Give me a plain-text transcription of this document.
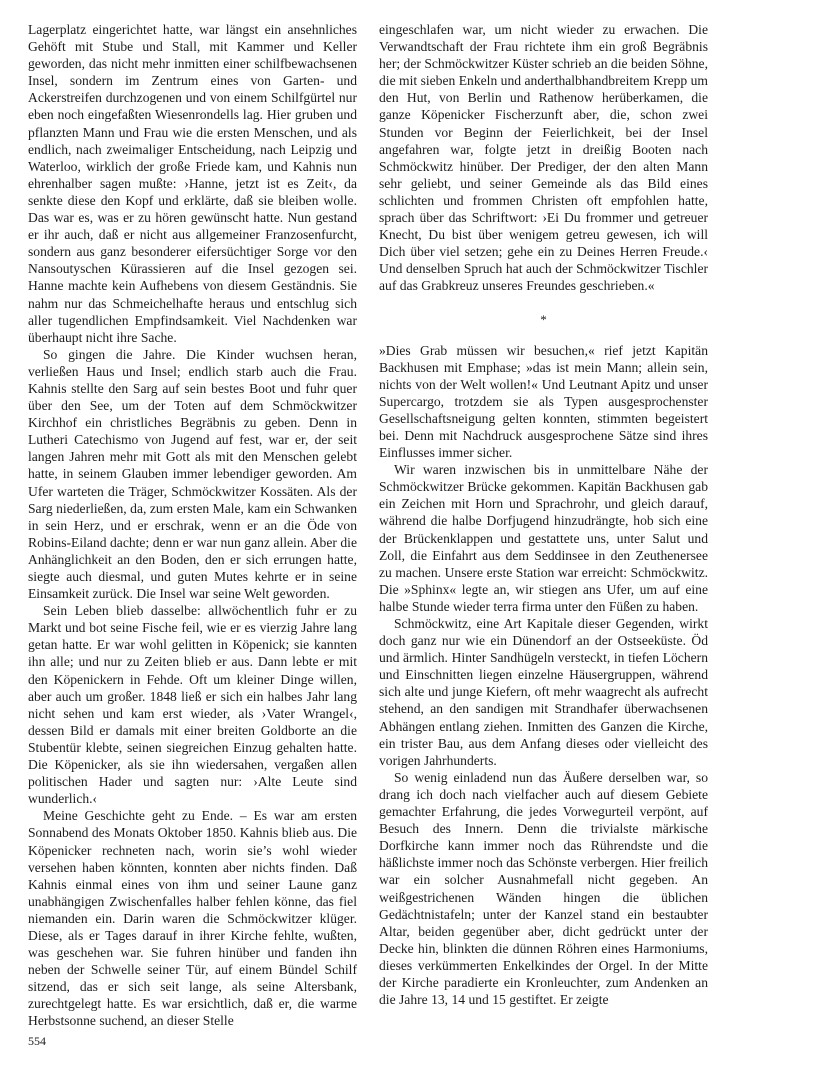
Lagerplatz eingerichtet hatte, war längst ein ansehnliches Gehöft mit Stube und Stall, mit Kammer und Keller geworden, das nicht mehr inmitten einer schilfbewachsenen Insel, sondern im Zentrum eines von Garten- und Ackerstreifen durchzogenen und von einem Schilfgürtel nur eben noch eingefaßten Wiesenrondells lag. Hier gruben und pflanzten Mann und Frau wie die ersten Menschen, und als endlich, nach zweimaliger Entscheidung, nach Leipzig und Waterloo, wirklich der große Friede kam, und Kahnis nun ehrenhalber sagen mußte: ›Hanne, jetzt ist es Zeit‹, da senkte diese den Kopf und erklärte, daß sie bleiben wolle. Das war es, was er zu hören gewünscht hatte. Nun gestand er ihr auch, daß er nicht aus allgemeiner Franzosenfurcht, sondern aus ganz besonderer eifersüchtiger Sorge vor den Nansoutyschen Kürassieren auf die Insel gezogen sei. Hanne machte kein Aufhebens von diesem Geständnis. Sie nahm nur das Schmeichelhafte heraus und entschlug sich aller tugendlichen Empfindsamkeit. Viel Nachdenken war überhaupt nicht ihre Sache.

So gingen die Jahre. Die Kinder wuchsen heran, verließen Haus und Insel; endlich starb auch die Frau. Kahnis stellte den Sarg auf sein bestes Boot und fuhr quer über den See, um der Toten auf dem Schmöckwitzer Kirchhof ein christliches Begräbnis zu geben. Denn in Lutheri Catechismo von Jugend auf fest, war er, der seit langen Jahren mehr mit Gott als mit den Menschen gelebt hatte, in seinem Glauben immer lebendiger geworden. Am Ufer warteten die Träger, Schmöckwitzer Kossäten. Als der Sarg niederließen, da, zum ersten Male, kam ein Schwanken in sein Herz, und er erschrak, wenn er an die Öde von Robins-Eiland dachte; denn er war nun ganz allein. Aber die Anhänglichkeit an den Boden, den er sich errungen hatte, siegte auch diesmal, und guten Mutes kehrte er in seine Einsamkeit zurück. Die Insel war seine Welt geworden.

Sein Leben blieb dasselbe: allwöchentlich fuhr er zu Markt und bot seine Fische feil, wie er es vierzig Jahre lang getan hatte. Er war wohl gelitten in Köpenick; sie kannten ihn alle; und nur zu Zeiten blieb er aus. Dann lebte er mit den Köpenickern in Fehde. Oft um kleiner Dinge willen, aber auch um großer. 1848 ließ er sich ein halbes Jahr lang nicht sehen und kam erst wieder, als ›Vater Wrangel‹, dessen Bild er damals mit einer breiten Goldborte an die Stubentür klebte, seinen siegreichen Einzug gehalten hatte. Die Köpenicker, als sie ihn wiedersahen, vergaßen allen politischen Hader und sagten nur: ›Alte Leute sind wunderlich.‹

Meine Geschichte geht zu Ende. – Es war am ersten Sonnabend des Monats Oktober 1850. Kahnis blieb aus. Die Köpenicker rechneten nach, worin sie’s wohl wieder versehen haben könnten, konnten aber nichts finden. Daß Kahnis einmal eines von ihm und seiner Laune ganz unabhängigen Zwischenfalles halber fehlen könne, das fiel niemanden ein. Darin waren die Schmöckwitzer klüger. Diese, als er Tages darauf in ihrer Kirche fehlte, wußten, was geschehen war. Sie fuhren hinüber und fanden ihn neben der Schwelle seiner Tür, auf einem Bündel Schilf sitzend, das er sich seit lange, als seine Altersbank, zurechtgelegt hatte. Es war ersichtlich, daß er, die warme Herbstsonne suchend, an dieser Stelle

eingeschlafen war, um nicht wieder zu erwachen. Die Verwandtschaft der Frau richtete ihm ein groß Begräbnis her; der Schmöckwitzer Küster schrieb an die beiden Söhne, die mit sieben Enkeln und anderthalbhandbreitem Krepp um den Hut, von Berlin und Rathenow herüberkamen, die ganze Köpenicker Fischerzunft aber, die, schon zwei Stunden vor Beginn der Feierlichkeit, bei der Insel angefahren war, folgte jetzt in dreißig Booten nach Schmöckwitz hinüber. Der Prediger, der den alten Mann sehr geliebt, und seiner Gemeinde als das Bild eines schlichten und frommen Christen oft empfohlen hatte, sprach über das Schriftwort: ›Ei Du frommer und getreuer Knecht, Du bist über wenigem getreu gewesen, ich will Dich über viel setzen; gehe ein zu Deines Herren Freude.‹ Und denselben Spruch hat auch der Schmöckwitzer Tischler auf das Grabkreuz unseres Freundes geschrieben.«

*

»Dies Grab müssen wir besuchen,« rief jetzt Kapitän Backhusen mit Emphase; »das ist mein Mann; allein sein, nichts von der Welt wollen!« Und Leutnant Apitz und unser Supercargo, trotzdem sie als Typen ausgesprochenster Gesellschaftsneigung gelten konnten, stimmten begeistert bei. Denn mit Nachdruck ausgesprochene Sätze sind ihres Einflusses immer sicher.

Wir waren inzwischen bis in unmittelbare Nähe der Schmöckwitzer Brücke gekommen. Kapitän Backhusen gab ein Zeichen mit Horn und Sprachrohr, und gleich darauf, während die halbe Dorfjugend hinzudrängte, hob sich eine der Brückenklappen und gestattete uns, unter Salut und Zoll, die Einfahrt aus dem Seddinsee in den Zeuthenersee zu machen. Unsere erste Station war erreicht: Schmöckwitz. Die »Sphinx« legte an, wir stiegen ans Ufer, um auf eine halbe Stunde wieder terra firma unter den Füßen zu haben.

Schmöckwitz, eine Art Kapitale dieser Gegenden, wirkt doch ganz nur wie ein Dünendorf an der Ostseeküste. Öd und ärmlich. Hinter Sandhügeln versteckt, in tiefen Löchern und Einschnitten liegen einzelne Häusergruppen, während sich alte und junge Kiefern, oft mehr waagrecht als aufrecht stehend, an den sandigen mit Strandhafer überwachsenen Abhängen entlang ziehen. Inmitten des Ganzen die Kirche, ein trister Bau, aus dem Anfang dieses oder vielleicht des vorigen Jahrhunderts.

So wenig einladend nun das Äußere derselben war, so drang ich doch nach vielfacher auch auf diesem Gebiete gemachter Erfahrung, die jedes Vorwegurteil verpönt, auf Besuch des Innern. Denn die trivialste märkische Dorfkirche kann immer noch das Rührendste und die häßlichste immer noch das Schönste verbergen. Hier freilich war ein solcher Ausnahmefall nicht gegeben. An weißgestrichenen Wänden hingen die üblichen Gedächtnistafeln; unter der Kanzel stand ein bestaubter Altar, beiden gegenüber aber, dicht gedrückt unter der Decke hin, blinkten die dünnen Röhren eines Harmoniums, dieses verkümmerten Enkelkindes der Orgel. In der Mitte der Kirche paradierte ein Kronleuchter, zum Andenken an die Jahre 13, 14 und 15 gestiftet. Er zeigte

554
